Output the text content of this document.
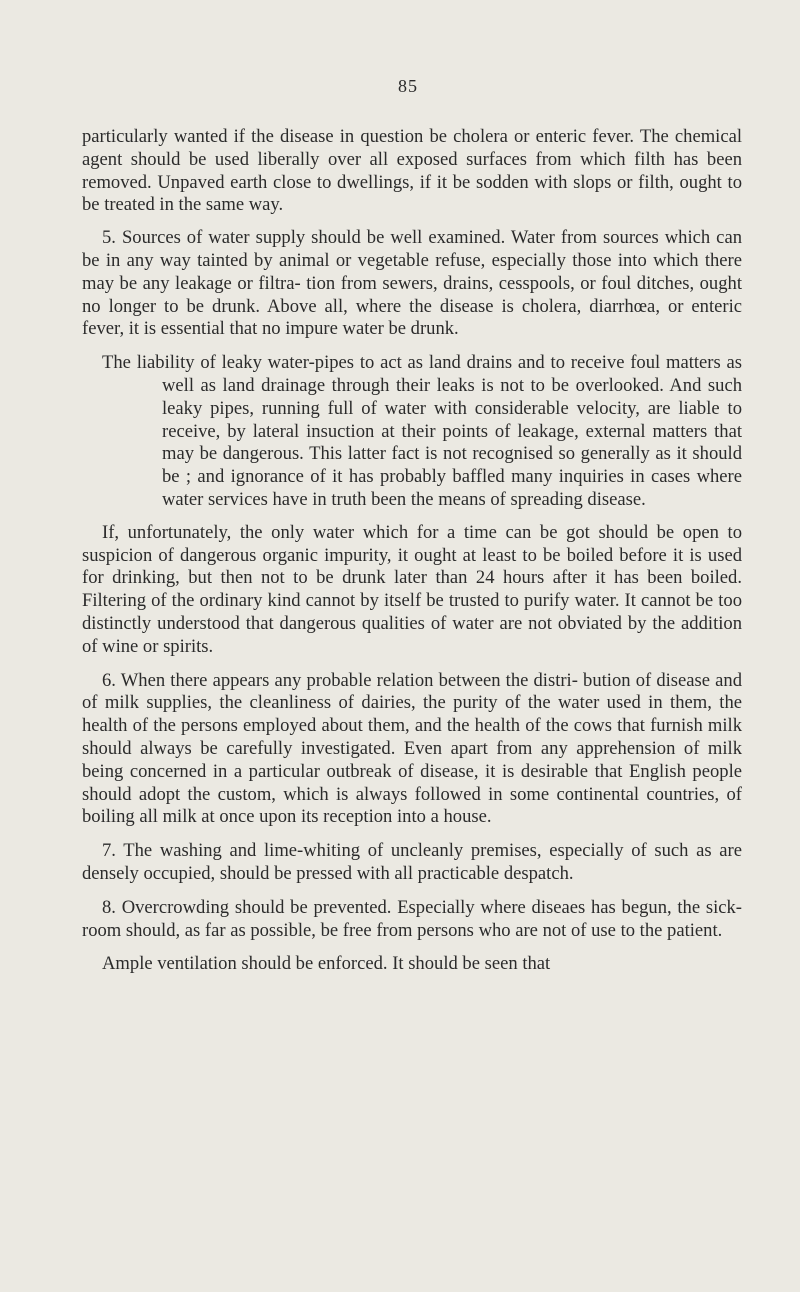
85

particularly wanted if the disease in question be cholera or enteric fever. The chemical agent should be used liberally over all exposed surfaces from which filth has been removed. Unpaved earth close to dwellings, if it be sodden with slops or filth, ought to be treated in the same way.

5. Sources of water supply should be well examined. Water from sources which can be in any way tainted by animal or vegetable refuse, especially those into which there may be any leakage or filtra- tion from sewers, drains, cesspools, or foul ditches, ought no longer to be drunk. Above all, where the disease is cholera, diarrhœa, or enteric fever, it is essential that no impure water be drunk.

The liability of leaky water-pipes to act as land drains and to receive foul matters as well as land drainage through their leaks is not to be overlooked. And such leaky pipes, running full of water with considerable velocity, are liable to receive, by lateral insuction at their points of leakage, external matters that may be dangerous. This latter fact is not recognised so generally as it should be ; and ignorance of it has probably baffled many inquiries in cases where water services have in truth been the means of spreading disease.

If, unfortunately, the only water which for a time can be got should be open to suspicion of dangerous organic impurity, it ought at least to be boiled before it is used for drinking, but then not to be drunk later than 24 hours after it has been boiled. Filtering of the ordinary kind cannot by itself be trusted to purify water. It cannot be too distinctly understood that dangerous qualities of water are not obviated by the addition of wine or spirits.

6. When there appears any probable relation between the distri- bution of disease and of milk supplies, the cleanliness of dairies, the purity of the water used in them, the health of the persons employed about them, and the health of the cows that furnish milk should always be carefully investigated. Even apart from any apprehension of milk being concerned in a particular outbreak of disease, it is desirable that English people should adopt the custom, which is always followed in some continental countries, of boiling all milk at once upon its reception into a house.

7. The washing and lime-whiting of uncleanly premises, especially of such as are densely occupied, should be pressed with all practicable despatch.

8. Overcrowding should be prevented. Especially where diseaes has begun, the sick-room should, as far as possible, be free from persons who are not of use to the patient.

Ample ventilation should be enforced. It should be seen that
